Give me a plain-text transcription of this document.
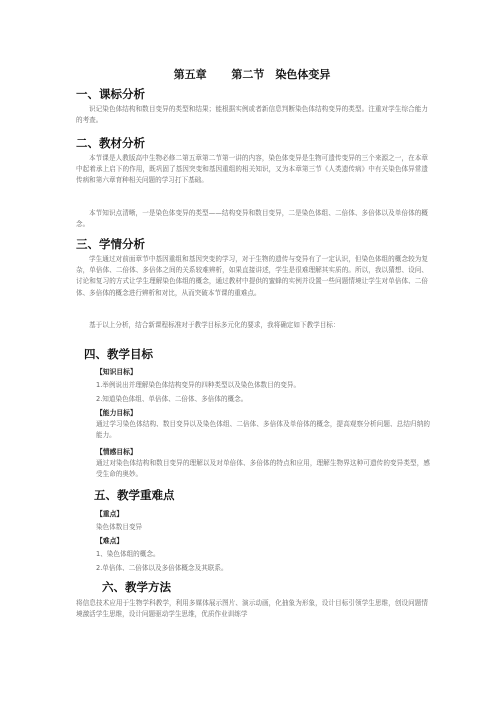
第五章　 第二节　染色体变异
一、课标分析
识记染色体结构和数目变异的类型和结果；能根据实例或者新信息判断染色体结构变异的类型。注重对学生综合能力的考查。
二、教材分析
本节课是人教版高中生物必修二第五章第二节第一讲的内容，染色体变异是生物可遗传变异的三个来源之一，在本章中起着承上启下的作用，既巩固了基因突变和基因重组的相关知识，又为本章第三节《人类遗传病》中有关染色体异常遗传病和第六章育种相关问题的学习打下基础。
本节知识点清晰，一是染色体变异的类型——结构变异和数目变异，二是染色体组、二倍体、多倍体以及单倍体的概念。
三、学情分析
学生通过对前面章节中基因重组和基因突变的学习，对于生物的遗传与变异有了一定认识，但染色体组的概念较为复杂，单倍体、二倍体、多倍体之间的关系较难辨析，如果直接讲述，学生是很难理解其实质的。所以，我以猜想、设问、讨论和复习的方式让学生理解染色体组的概念，通过教材中提供的蜜蜂的实例并设置一些问题情境让学生对单倍体、二倍体、多倍体的概念进行辨析和对比，从而突破本节课的重难点。
基于以上分析，结合新课程标准对于教学目标多元化的要求，我将确定如下教学目标：
四、教学目标
【知识目标】
1.举例说出并理解染色体结构变异的四种类型以及染色体数目的变异。
2.知道染色体组、单倍体、二倍体、多倍体的概念。
【能力目标】
通过学习染色体结构、数目变异以及染色体组、二倍体、多倍体及单倍体的概念，提高观察分析问题、总结归纳的能力。
【情感目标】
通过对染色体结构和数目变异的理解以及对单倍体、多倍体的特点和应用，理解生物界这种可遗传的变异类型，感受生命的奥妙。
五、教学重难点
【重点】
染色体数目变异
【难点】
1、染色体组的概念。
2.单倍体、二倍体以及多倍体概念及其联系。
六、教学方法
将信息技术应用于生物学科教学，利用多媒体展示图片、演示动画，化抽象为形象，设计目标引领学生思维，创设问题情境激活学生思维，设计问题驱动学生思维，优质作业训练学
